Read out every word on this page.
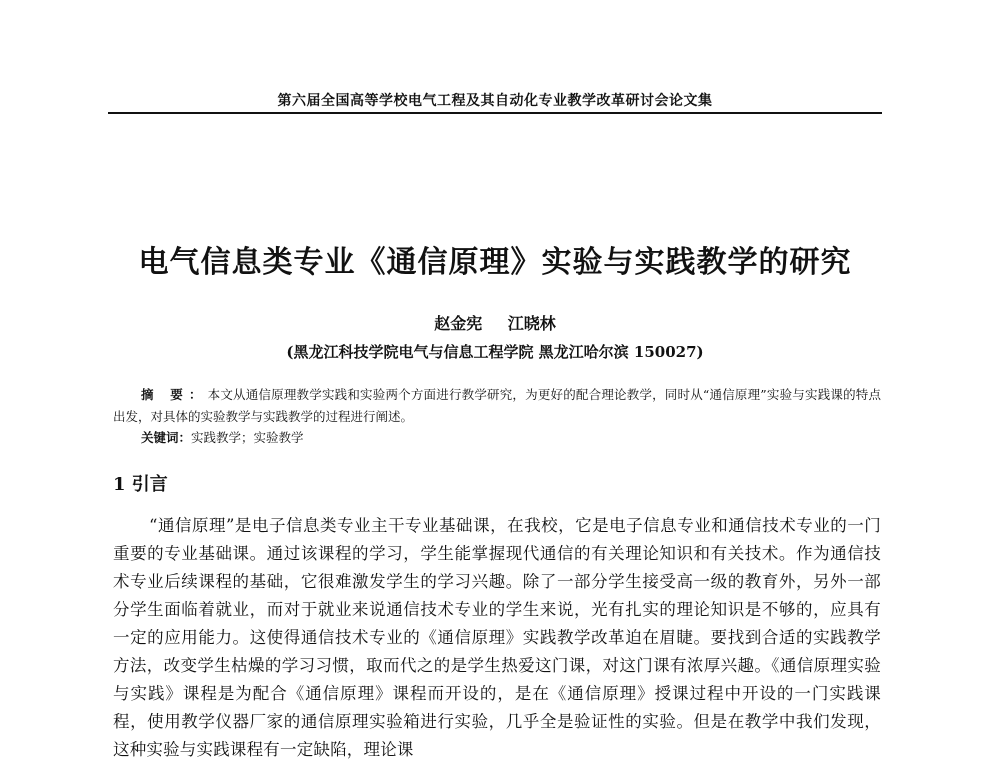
第六届全国高等学校电气工程及其自动化专业教学改革研讨会论文集
电气信息类专业《通信原理》实验与实践教学的研究
赵金宪 江晓林
(黑龙江科技学院电气与信息工程学院 黑龙江哈尔滨 150027)
摘 要：本文从通信原理教学实践和实验两个方面进行教学研究，为更好的配合理论教学，同时从“通信原理”实验与实践课的特点出发，对具体的实验教学与实践教学的过程进行阐述。
关键词：实践教学；实验教学
1 引言
“通信原理”是电子信息类专业主干专业基础课，在我校，它是电子信息专业和通信技术专业的一门重要的专业基础课。通过该课程的学习，学生能掌握现代通信的有关理论知识和有关技术。作为通信技术专业后续课程的基础，它很难激发学生的学习兴趣。除了一部分学生接受高一级的教育外，另外一部分学生面临着就业，而对于就业来说通信技术专业的学生来说，光有扎实的理论知识是不够的，应具有一定的应用能力。这使得通信技术专业的《通信原理》实践教学改革迫在眉睫。要找到合适的实践教学方法，改变学生枯燥的学习习惯，取而代之的是学生热爱这门课，对这门课有浓厚兴趣。《通信原理实验与实践》课程是为配合《通信原理》课程而开设的，是在《通信原理》授课过程中开设的一门实践课程，使用教学仪器厂家的通信原理实验箱进行实验，几乎全是验证性的实验。但是在教学中我们发现，这种实验与实践课程有一定缺陷，理论课
